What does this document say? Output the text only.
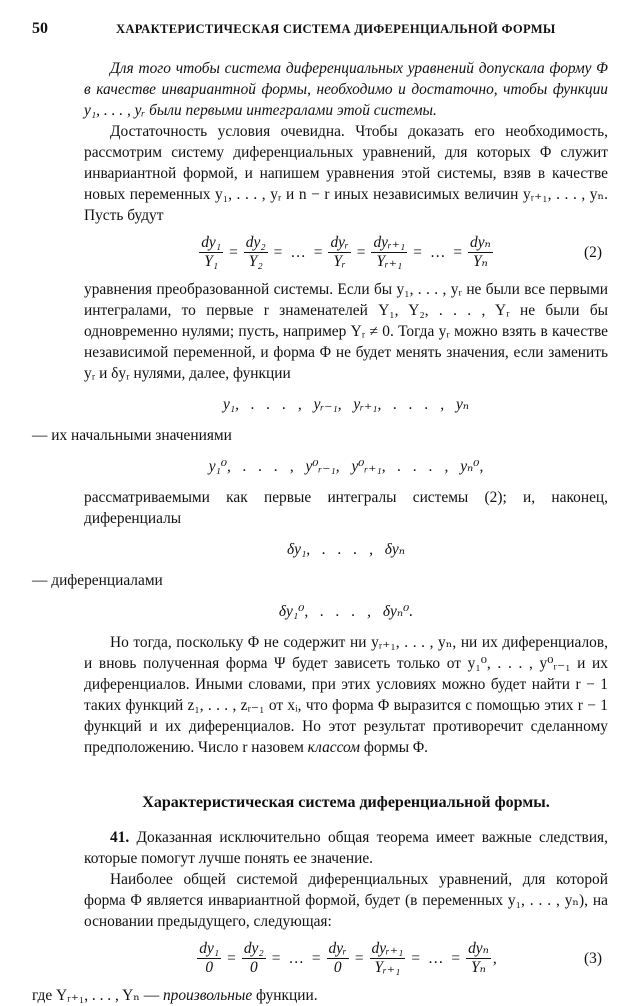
50	ХАРАКТЕРИСТИЧЕСКАЯ СИСТЕМА ДИФЕРЕНЦИАЛЬНОЙ ФОРМЫ

Для того чтобы система диференциальных уравнений допускала форму Φ в качестве инвариантной формы, необходимо и достаточно, чтобы функции y₁, . . . , yᵣ были первыми интегралами этой системы.

Достаточность условия очевидна. Чтобы доказать его необходимость, рассмотрим систему диференциальных уравнений, для которых Φ служит инвариантной формой, и напишем уравнения этой системы, взяв в качестве новых переменных y₁, . . . , yᵣ и n − r иных независимых величин yᵣ₊₁, . . . , yₙ. Пусть будут

$\frac{\text{dy₁}}{\text{Y₁}} = \frac{\text{dy₂}}{\text{Y₂}}$ = … = $\frac{\text{dyᵣ}}{\text{Yᵣ}} = \frac{\text{dyᵣ₊₁}}{\text{Yᵣ₊₁}}$ = … = $\frac{\text{dyₙ}}{\text{Yₙ}}$	(2)

уравнения преобразованной системы. Если бы y₁, . . . , yᵣ не были все первыми интегралами, то первые r знаменателей Y₁, Y₂, . . . , Yᵣ не были бы одновременно нулями; пусть, например Yᵣ ≠ 0. Тогда yᵣ можно взять в качестве независимой переменной, и форма Φ не будет менять значения, если заменить yᵣ и δyᵣ нулями, далее, функции

y₁, . . . , yᵣ₋₁, yᵣ₊₁, . . . , yₙ

— их начальными значениями

y₁⁰, . . . , y⁰ᵣ₋₁, y⁰ᵣ₊₁, . . . , yₙ⁰,

рассматриваемыми как первые интегралы системы (2); и, наконец, диференциалы

δy₁, . . . , δyₙ

— диференциалами

δy₁⁰, . . . , δyₙ⁰.

Но тогда, поскольку Φ не содержит ни yᵣ₊₁, . . . , yₙ, ни их диференциалов, и вновь полученная форма Ψ будет зависеть только от y₁⁰, . . . , y⁰ᵣ₋₁ и их диференциалов. Иными словами, при этих условиях можно будет найти r − 1 таких функций z₁, . . . , zᵣ₋₁ от xᵢ, что форма Φ выразится с помощью этих r − 1 функций и их диференциалов. Но этот результат противоречит сделанному предположению. Число r назовем классом формы Φ.

Характеристическая система диференциальной формы.

41. Доказанная исключительно общая теорема имеет важные следствия, которые помогут лучше понять ее значение.

Наиболее общей системой диференциальных уравнений, для которой форма Φ является инвариантной формой, будет (в переменных y₁, . . . , yₙ), на основании предыдущего, следующая:

$\frac{\text{dy₁}}{0} = \frac{\text{dy₂}}{0}$ = … = $\frac{\text{dyᵣ}}{0} = \frac{\text{dyᵣ₊₁}}{\text{Yᵣ₊₁}}$ = … = $\frac{\text{dyₙ}}{\text{Yₙ}}$ ,	(3)

где Yᵣ₊₁, . . . , Yₙ — произвольные функции.
